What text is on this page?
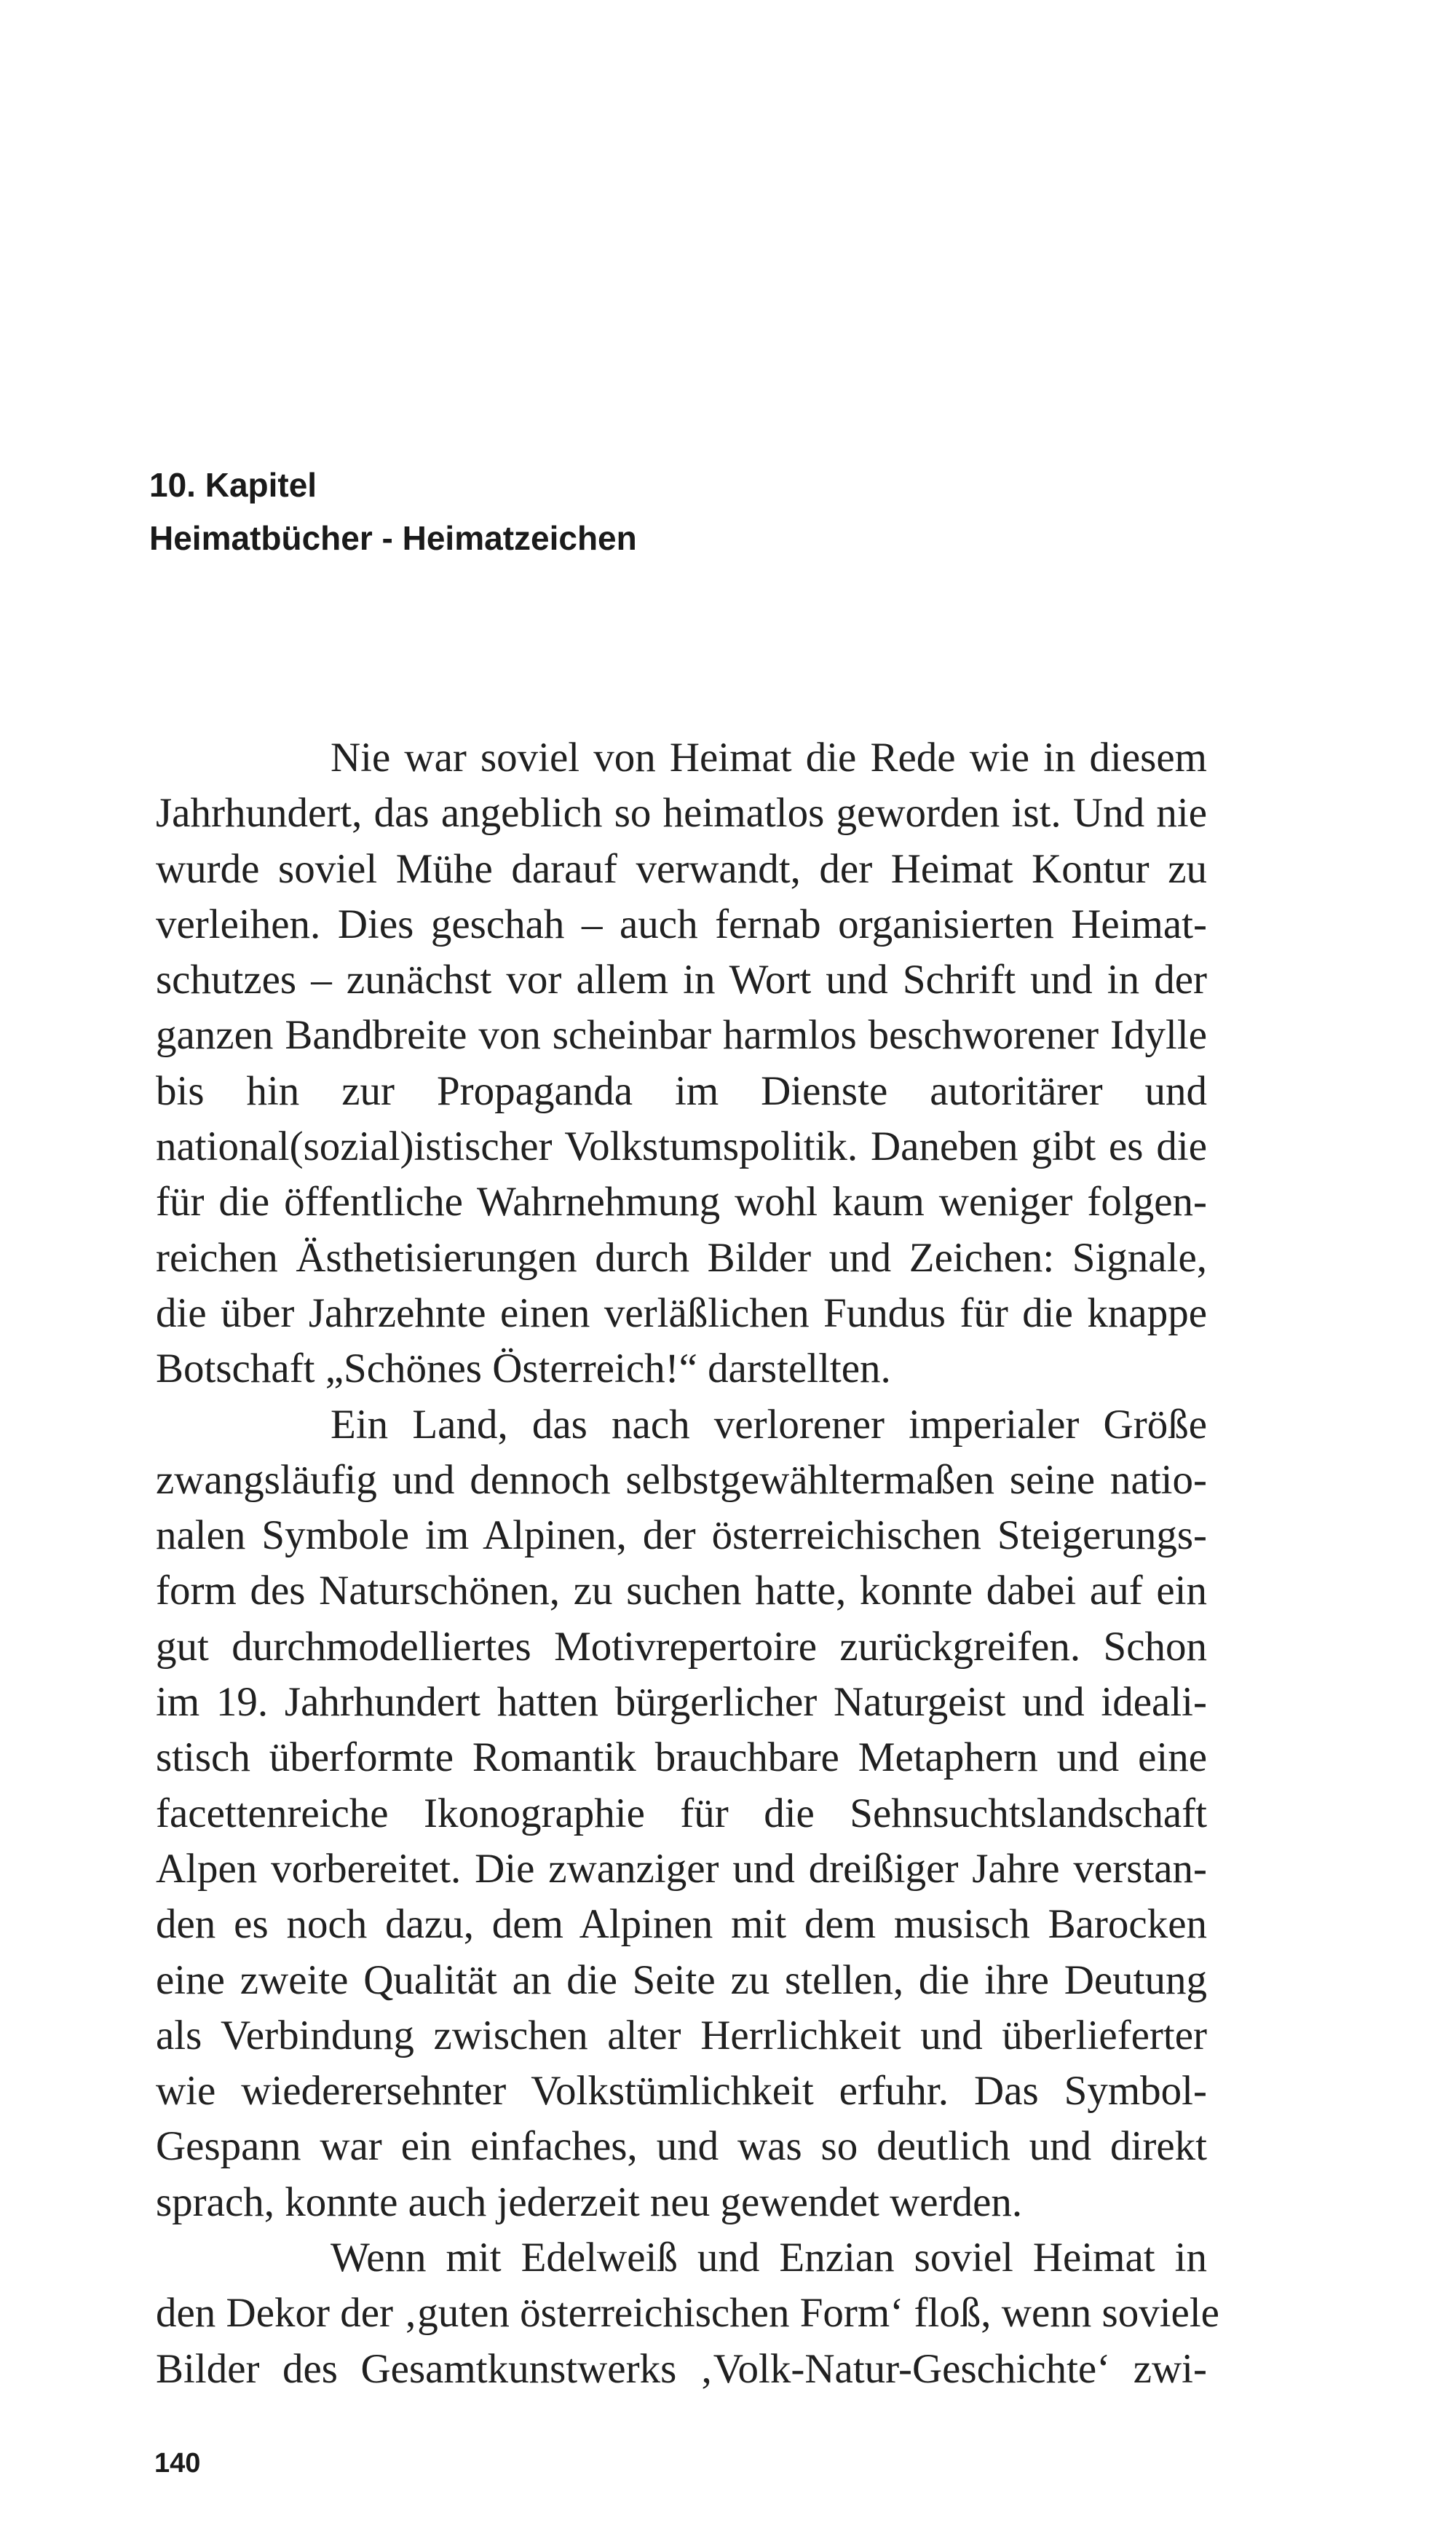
10. Kapitel
Heimatbücher - Heimatzeichen
Nie war soviel von Heimat die Rede wie in diesem
Jahrhundert, das angeblich so heimatlos geworden ist. Und nie
wurde soviel Mühe darauf verwandt, der Heimat Kontur zu
verleihen. Dies geschah – auch fernab organisierten Heimat-
schutzes – zunächst vor allem in Wort und Schrift und in der
ganzen Bandbreite von scheinbar harmlos beschworener Idylle
bis hin zur Propaganda im Dienste autoritärer und
national(sozial)istischer Volkstumspolitik. Daneben gibt es die
für die öffentliche Wahrnehmung wohl kaum weniger folgen-
reichen Ästhetisierungen durch Bilder und Zeichen: Signale,
die über Jahrzehnte einen verläßlichen Fundus für die knappe
Botschaft „Schönes Österreich!“ darstellten.
Ein Land, das nach verlorener imperialer Größe
zwangsläufig und dennoch selbstgewähltermaßen seine natio-
nalen Symbole im Alpinen, der österreichischen Steigerungs-
form des Naturschönen, zu suchen hatte, konnte dabei auf ein
gut durchmodelliertes Motivrepertoire zurückgreifen. Schon
im 19. Jahrhundert hatten bürgerlicher Naturgeist und ideali-
stisch überformte Romantik brauchbare Metaphern und eine
facettenreiche Ikonographie für die Sehnsuchtslandschaft
Alpen vorbereitet. Die zwanziger und dreißiger Jahre verstan-
den es noch dazu, dem Alpinen mit dem musisch Barocken
eine zweite Qualität an die Seite zu stellen, die ihre Deutung
als Verbindung zwischen alter Herrlichkeit und überlieferter
wie wiederersehnter Volkstümlichkeit erfuhr. Das Symbol-
Gespann war ein einfaches, und was so deutlich und direkt
sprach, konnte auch jederzeit neu gewendet werden.
Wenn mit Edelweiß und Enzian soviel Heimat in
den Dekor der ‚guten österreichischen Form‘ floß, wenn soviele
Bilder des Gesamtkunstwerks ‚Volk-Natur-Geschichte‘ zwi-
140
